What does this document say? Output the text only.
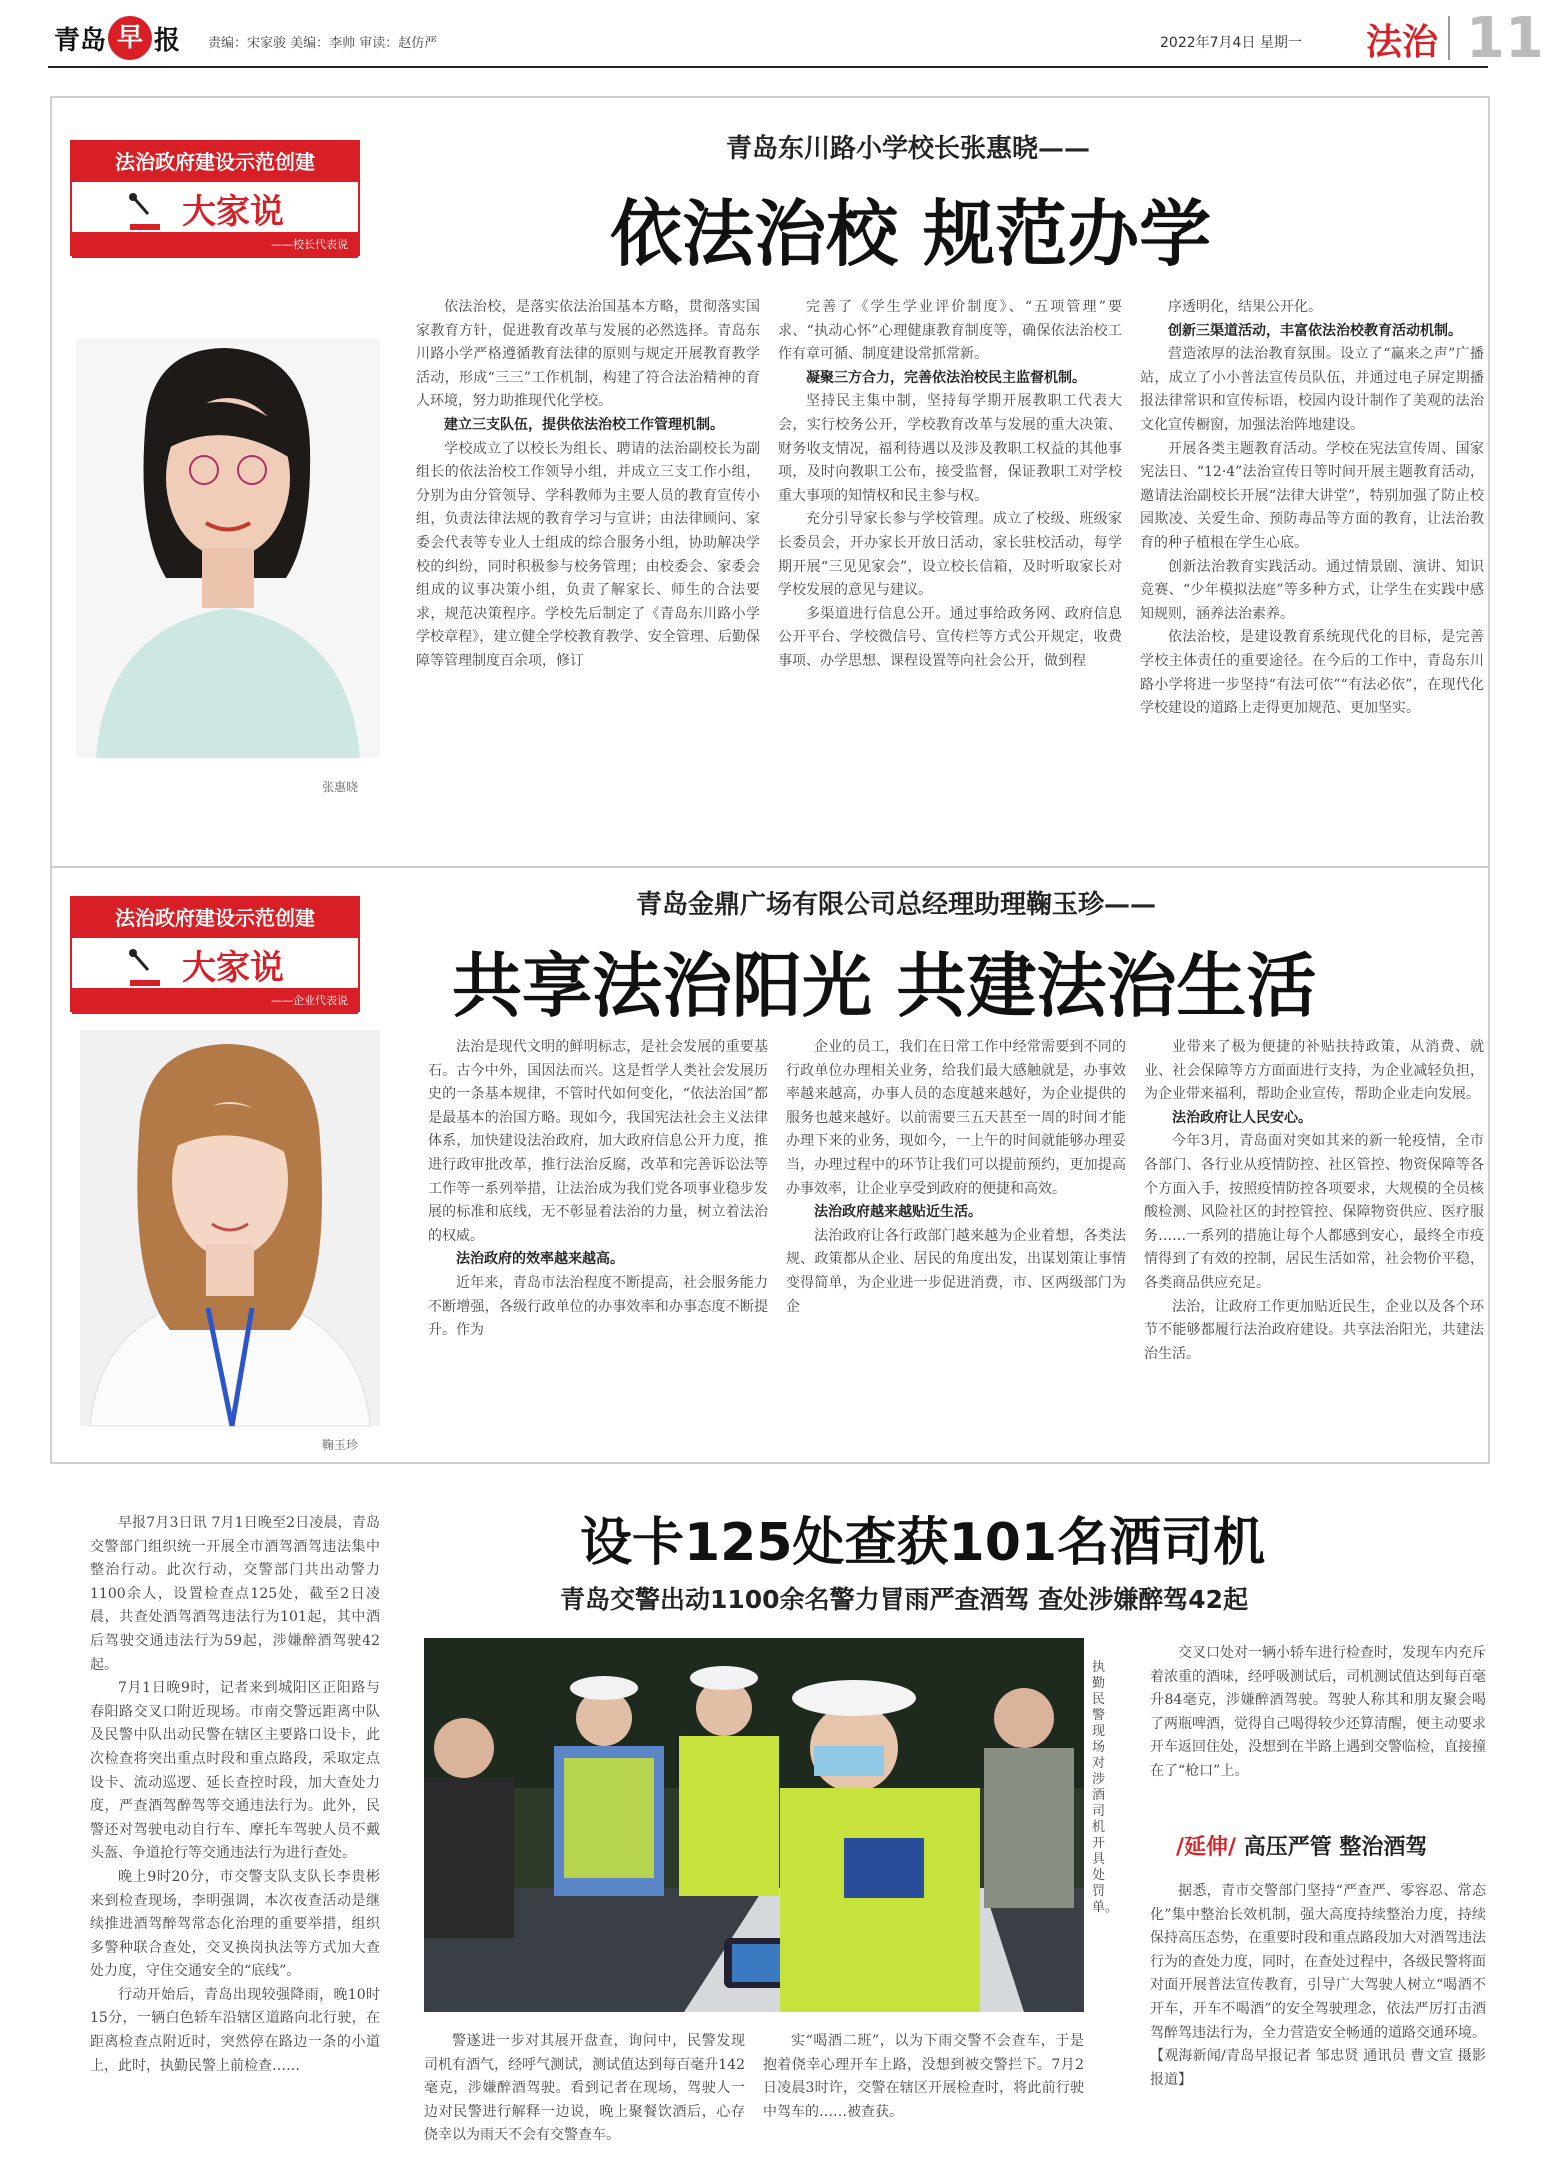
青岛 早 报 责编：宋家骏 美编：李帅 审读：赵仿严	2022年7月4日 星期一 法治 11
法治政府建设示范创建
大家说
——校长代表说
张惠晓
青岛东川路小学校长张惠晓——
依法治校 规范办学

依法治校，是落实依法治国基本方略，贯彻落实国家教育方针，促进教育改革与发展的必然选择。青岛东川路小学严格遵循教育法律的原则与规定开展教育教学活动，形成“三三”工作机制，构建了符合法治精神的育人环境，努力助推现代化学校。

建立三支队伍，提供依法治校工作管理机制。

学校成立了以校长为组长、聘请的法治副校长为副组长的依法治校工作领导小组，并成立三支工作小组，分别为由分管领导、学科教师为主要人员的教育宣传小组，负责法律法规的教育学习与宣讲；由法律顾问、家委会代表等专业人士组成的综合服务小组，协助解决学校的纠纷，同时积极参与校务管理；由校委会、家委会组成的议事决策小组，负责了解家长、师生的合法要求，规范决策程序。学校先后制定了《青岛东川路小学学校章程》，建立健全学校教育教学、安全管理、后勤保障等管理制度百余项，修订

完善了《学生学业评价制度》、“五项管理”要求、“执动心怀”心理健康教育制度等，确保依法治校工作有章可循、制度建设常抓常新。

凝聚三方合力，完善依法治校民主监督机制。

坚持民主集中制，坚持每学期开展教职工代表大会，实行校务公开，学校教育改革与发展的重大决策、财务收支情况，福利待遇以及涉及教职工权益的其他事项，及时向教职工公布，接受监督，保证教职工对学校重大事项的知情权和民主参与权。

充分引导家长参与学校管理。成立了校级、班级家长委员会，开办家长开放日活动，家长驻校活动，每学期开展“三见见家会”，设立校长信箱，及时听取家长对学校发展的意见与建议。

多渠道进行信息公开。通过事给政务网、政府信息公开平台、学校微信号、宣传栏等方式公开规定，收费事项、办学思想、课程设置等向社会公开，做到程

序透明化，结果公开化。

创新三渠道活动，丰富依法治校教育活动机制。

营造浓厚的法治教育氛围。设立了“赢来之声”广播站，成立了小小普法宣传员队伍，并通过电子屏定期播报法律常识和宣传标语，校园内设计制作了美观的法治文化宣传橱窗，加强法治阵地建设。

开展各类主题教育活动。学校在宪法宣传周、国家宪法日、“12·4”法治宣传日等时间开展主题教育活动，邀请法治副校长开展“法律大讲堂”，特别加强了防止校园欺凌、关爱生命、预防毒品等方面的教育，让法治教育的种子植根在学生心底。

创新法治教育实践活动。通过情景剧、演讲、知识竞赛、“少年模拟法庭”等多种方式，让学生在实践中感知规则，涵养法治素养。

依法治校，是建设教育系统现代化的目标，是完善学校主体责任的重要途径。在今后的工作中，青岛东川路小学将进一步坚持“有法可依”“有法必依”，在现代化学校建设的道路上走得更加规范、更加坚实。

法治政府建设示范创建
大家说
——企业代表说
鞠玉珍
青岛金鼎广场有限公司总经理助理鞠玉珍——
共享法治阳光 共建法治生活

法治是现代文明的鲜明标志，是社会发展的重要基石。古今中外，国因法而兴。这是哲学人类社会发展历史的一条基本规律，不管时代如何变化，“依法治国”都是最基本的治国方略。现如今，我国宪法社会主义法律体系，加快建设法治政府，加大政府信息公开力度，推进行政审批改革，推行法治反腐，改革和完善诉讼法等工作等一系列举措，让法治成为我们党各项事业稳步发展的标准和底线，无不彰显着法治的力量，树立着法治的权威。

法治政府的效率越来越高。

近年来，青岛市法治程度不断提高，社会服务能力不断增强，各级行政单位的办事效率和办事态度不断提升。作为

企业的员工，我们在日常工作中经常需要到不同的行政单位办理相关业务，给我们最大感触就是，办事效率越来越高，办事人员的态度越来越好，为企业提供的服务也越来越好。以前需要三五天甚至一周的时间才能办理下来的业务，现如今，一上午的时间就能够办理妥当，办理过程中的环节让我们可以提前预约，更加提高办事效率，让企业享受到政府的便捷和高效。

法治政府越来越贴近生活。

法治政府让各行政部门越来越为企业着想，各类法规、政策都从企业、居民的角度出发，出谋划策让事情变得简单，为企业进一步促进消费，市、区两级部门为企

业带来了极为便捷的补贴扶持政策，从消费、就业、社会保障等方方面面进行支持，为企业减轻负担，为企业带来福利，帮助企业宣传，帮助企业走向发展。

法治政府让人民安心。

今年3月，青岛面对突如其来的新一轮疫情，全市各部门、各行业从疫情防控、社区管控、物资保障等各个方面入手，按照疫情防控各项要求，大规模的全员核酸检测、风险社区的封控管控、保障物资供应、医疗服务……一系列的措施让每个人都感到安心，最终全市疫情得到了有效的控制，居民生活如常，社会物价平稳，各类商品供应充足。

法治，让政府工作更加贴近民生，企业以及各个环节不能够都履行法治政府建设。共享法治阳光，共建法治生活。

设卡125处查获101名酒司机
青岛交警出动1100余名警力冒雨严查酒驾 查处涉嫌醉驾42起

早报7月3日讯 7月1日晚至2日凌晨，青岛交警部门组织统一开展全市酒驾酒驾违法集中整治行动。此次行动，交警部门共出动警力1100余人，设置检查点125处，截至2日凌晨，共查处酒驾酒驾违法行为101起，其中酒后驾驶交通违法行为59起，涉嫌醉酒驾驶42起。

7月1日晚9时，记者来到城阳区正阳路与春阳路交叉口附近现场。市南交警远距离中队及民警中队出动民警在辖区主要路口设卡，此次检查将突出重点时段和重点路段，采取定点设卡、流动巡逻、延长查控时段，加大查处力度，严查酒驾醉驾等交通违法行为。此外，民警还对驾驶电动自行车、摩托车驾驶人员不戴头盔、争道抢行等交通违法行为进行查处。

晚上9时20分，市交警支队支队长李贵彬来到检查现场，李明强调，本次夜查活动是继续推进酒驾醉驾常态化治理的重要举措，组织多警种联合查处，交叉换岗执法等方式加大查处力度，守住交通安全的“底线”。

行动开始后，青岛出现较强降雨，晚10时15分，一辆白色轿车沿辖区道路向北行驶，在距离检查点附近时，突然停在路边一条的小道上，此时，执勤民警上前检查……

执勤民警现场对涉酒司机开具处罚单。

警遂进一步对其展开盘查，询问中，民警发现司机有酒气，经呼气测试，测试值达到每百毫升142毫克，涉嫌醉酒驾驶。看到记者在现场，驾驶人一边对民警进行解释一边说，晚上聚餐饮酒后，心存侥幸以为雨天不会有交警查车。

实“喝酒二班”，以为下雨交警不会查车，于是抱着侥幸心理开车上路，没想到被交警拦下。7月2日凌晨3时许，交警在辖区开展检查时，将此前行驶中驾车的……被查获。

交叉口处对一辆小轿车进行检查时，发现车内充斥着浓重的酒味，经呼吸测试后，司机测试值达到每百毫升84毫克，涉嫌醉酒驾驶。驾驶人称其和朋友聚会喝了两瓶啤酒，觉得自己喝得较少还算清醒，便主动要求开车返回住处，没想到在半路上遇到交警临检，直接撞在了“枪口”上。

/延伸/ 高压严管 整治酒驾

据悉，青市交警部门坚持“严查严、零容忍、常态化”集中整治长效机制，强大高度持续整治力度，持续保持高压态势，在重要时段和重点路段加大对酒驾违法行为的查处力度，同时，在查处过程中，各级民警将面对面开展普法宣传教育，引导广大驾驶人树立“喝酒不开车，开车不喝酒”的安全驾驶理念，依法严厉打击酒驾醉驾违法行为，全力营造安全畅通的道路交通环境。【观海新闻/青岛早报记者 邹忠贤 通讯员 曹文宣 摄影报道】
